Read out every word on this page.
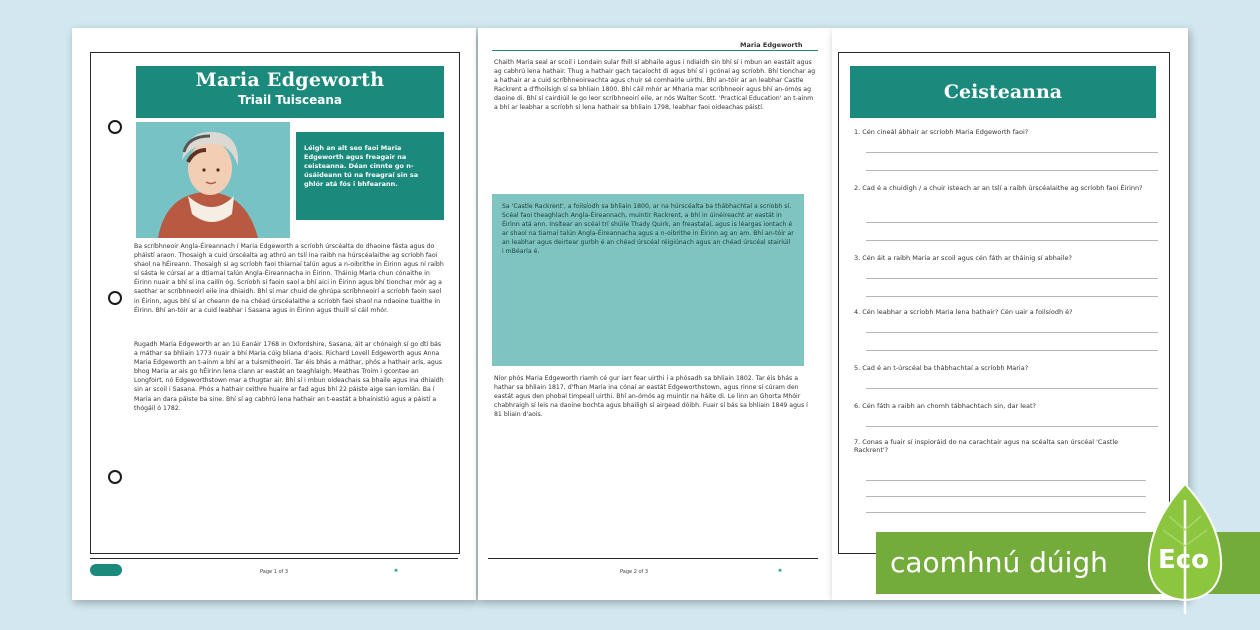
Maria Edgeworth
Triail Tuisceana
Léigh an alt seo faoi Maria Edgeworth agus freagair na ceisteanna. Déan cinnte go n-úsáideann tú na freagraí sin sa ghlór atá fós i bhfearann.

Ba scríbhneoir Angla-Éireannach í Maria Edgeworth a scríobh úrscéalta do dhaoine fásta agus do pháistí araon. Thosaigh a cuid úrscéalta ag athrú an tslí ina raibh na húrscéalaithe ag scríobh faoi shaol na hÉireann. Thosaigh sí ag scríobh faoi thiarnaí talún agus a n-oibrithe in Éirinn agus ní raibh sí sásta le cúrsaí ar a dtiarnaí talún Angla-Éireannacha in Éirinn. Tháinig Maria chun cónaithe in Éirinn nuair a bhí sí ina cailín óg. Scríobh sí faoin saol a bhí aici in Éirinn agus bhí tionchar mór ag a saothar ar scríbhneoirí eile ina dhiaidh. Bhí sí mar chuid de ghrúpa scríbhneoirí a scríobh faoin saol in Éirinn, agus bhí sí ar cheann de na chéad úrscéalaithe a scríobh faoi shaol na ndaoine tuaithe in Éirinn. Bhí an-tóir ar a cuid leabhar i Sasana agus in Éirinn agus thuill sí cáil mhór.

Rugadh Maria Edgeworth ar an 1ú Eanáir 1768 in Oxfordshire, Sasana, áit ar chónaigh sí go dtí bás a máthar sa bhliain 1773 nuair a bhí Maria cúig bliana d'aois. Richard Lovell Edgeworth agus Anna Maria Edgeworth an t-ainm a bhí ar a tuismitheoirí. Tar éis bhás a máthar, phós a hathair arís, agus bhog Maria ar ais go hÉirinn lena clann ar eastát an teaghlaigh, Meathas Troim i gcontae an Longfoirt, nó Edgeworthstown mar a thugtar air. Bhí sí i mbun oideachais sa bhaile agus ina dhiaidh sin ar scoil i Sasana. Phós a hathair ceithre huaire ar fad agus bhí 22 páiste aige san iomlán. Ba í Maria an dara páiste ba sine. Bhí sí ag cabhrú lena hathair an t-eastát a bhainistiú agus a páistí a thógáil ó 1782.

Page 1 of 3	❀
Maria Edgeworth

Chaith Maria seal ar scoil i Londain sular fhill sí abhaile agus i ndiaidh sin bhí sí i mbun an eastáit agus ag cabhrú lena hathair. Thug a hathair gach tacaíocht di agus bhí sí i gcónaí ag scríobh. Bhí tionchar ag a hathair ar a cuid scríbhneoireachta agus chuir sé comhairle uirthi. Bhí an-tóir ar an leabhar Castle Rackrent a d'fhoilsigh sí sa bhliain 1800. Bhí cáil mhór ar Mharia mar scríbhneoir agus bhí an-ómós ag daoine di. Bhí sí cairdiúil le go leor scríbhneoirí eile, ar nós Walter Scott. 'Practical Education' an t-ainm a bhí ar leabhar a scríobh sí lena hathair sa bhliain 1798, leabhar faoi oideachas páistí.

Sa 'Castle Rackrent', a foilsíodh sa bhliain 1800, ar na húrscéalta ba thábhachtaí a scríobh sí. Scéal faoi theaghlach Angla-Éireannach, muintir Rackrent, a bhí in úinéireacht ar eastát in Éirinn atá ann. Insítear an scéal trí shúile Thady Quirk, an freastalaí, agus is léargas iontach é ar shaol na tiarnaí talún Angla-Éireannacha agus a n-oibrithe in Éirinn ag an am. Bhí an-tóir ar an leabhar agus deirtear gurbh é an chéad úrscéal réigiúnach agus an chéad úrscéal stairiúil i mBéarla é.

Níor phós Maria Edgeworth riamh cé gur iarr fear uirthi í a phósadh sa bhliain 1802. Tar éis bhás a hathar sa bhliain 1817, d'fhan Maria ina cónaí ar eastát Edgeworthstown, agus rinne sí cúram den eastát agus den phobal timpeall uirthi. Bhí an-ómós ag muintir na háite di. Le linn an Ghorta Mhóir chabhraigh sí leis na daoine bochta agus bhailigh sí airgead dóibh. Fuair sí bás sa bhliain 1849 agus í 81 bliain d'aois.

Page 2 of 3	❀
Ceisteanna
1. Cén cineál ábhair ar scríobh Maria Edgeworth faoi?
2. Cad é a chuidigh / a chuir isteach ar an tslí a raibh úrscéalaithe ag scríobh faoi Éirinn?
3. Cén áit a raibh Maria ar scoil agus cén fáth ar tháinig sí abhaile?
4. Cén leabhar a scríobh Maria lena hathair? Cén uair a foilsíodh é?
5. Cad é an t-úrscéal ba thábhachtaí a scríobh Maria?
6. Cén fáth a raibh an chomh tábhachtach sin, dar leat?
7. Conas a fuair sí inspioráid do na carachtair agus na scéalta san úrscéal 'Castle Rackrent'?
caomhnú dúigh	Eco
